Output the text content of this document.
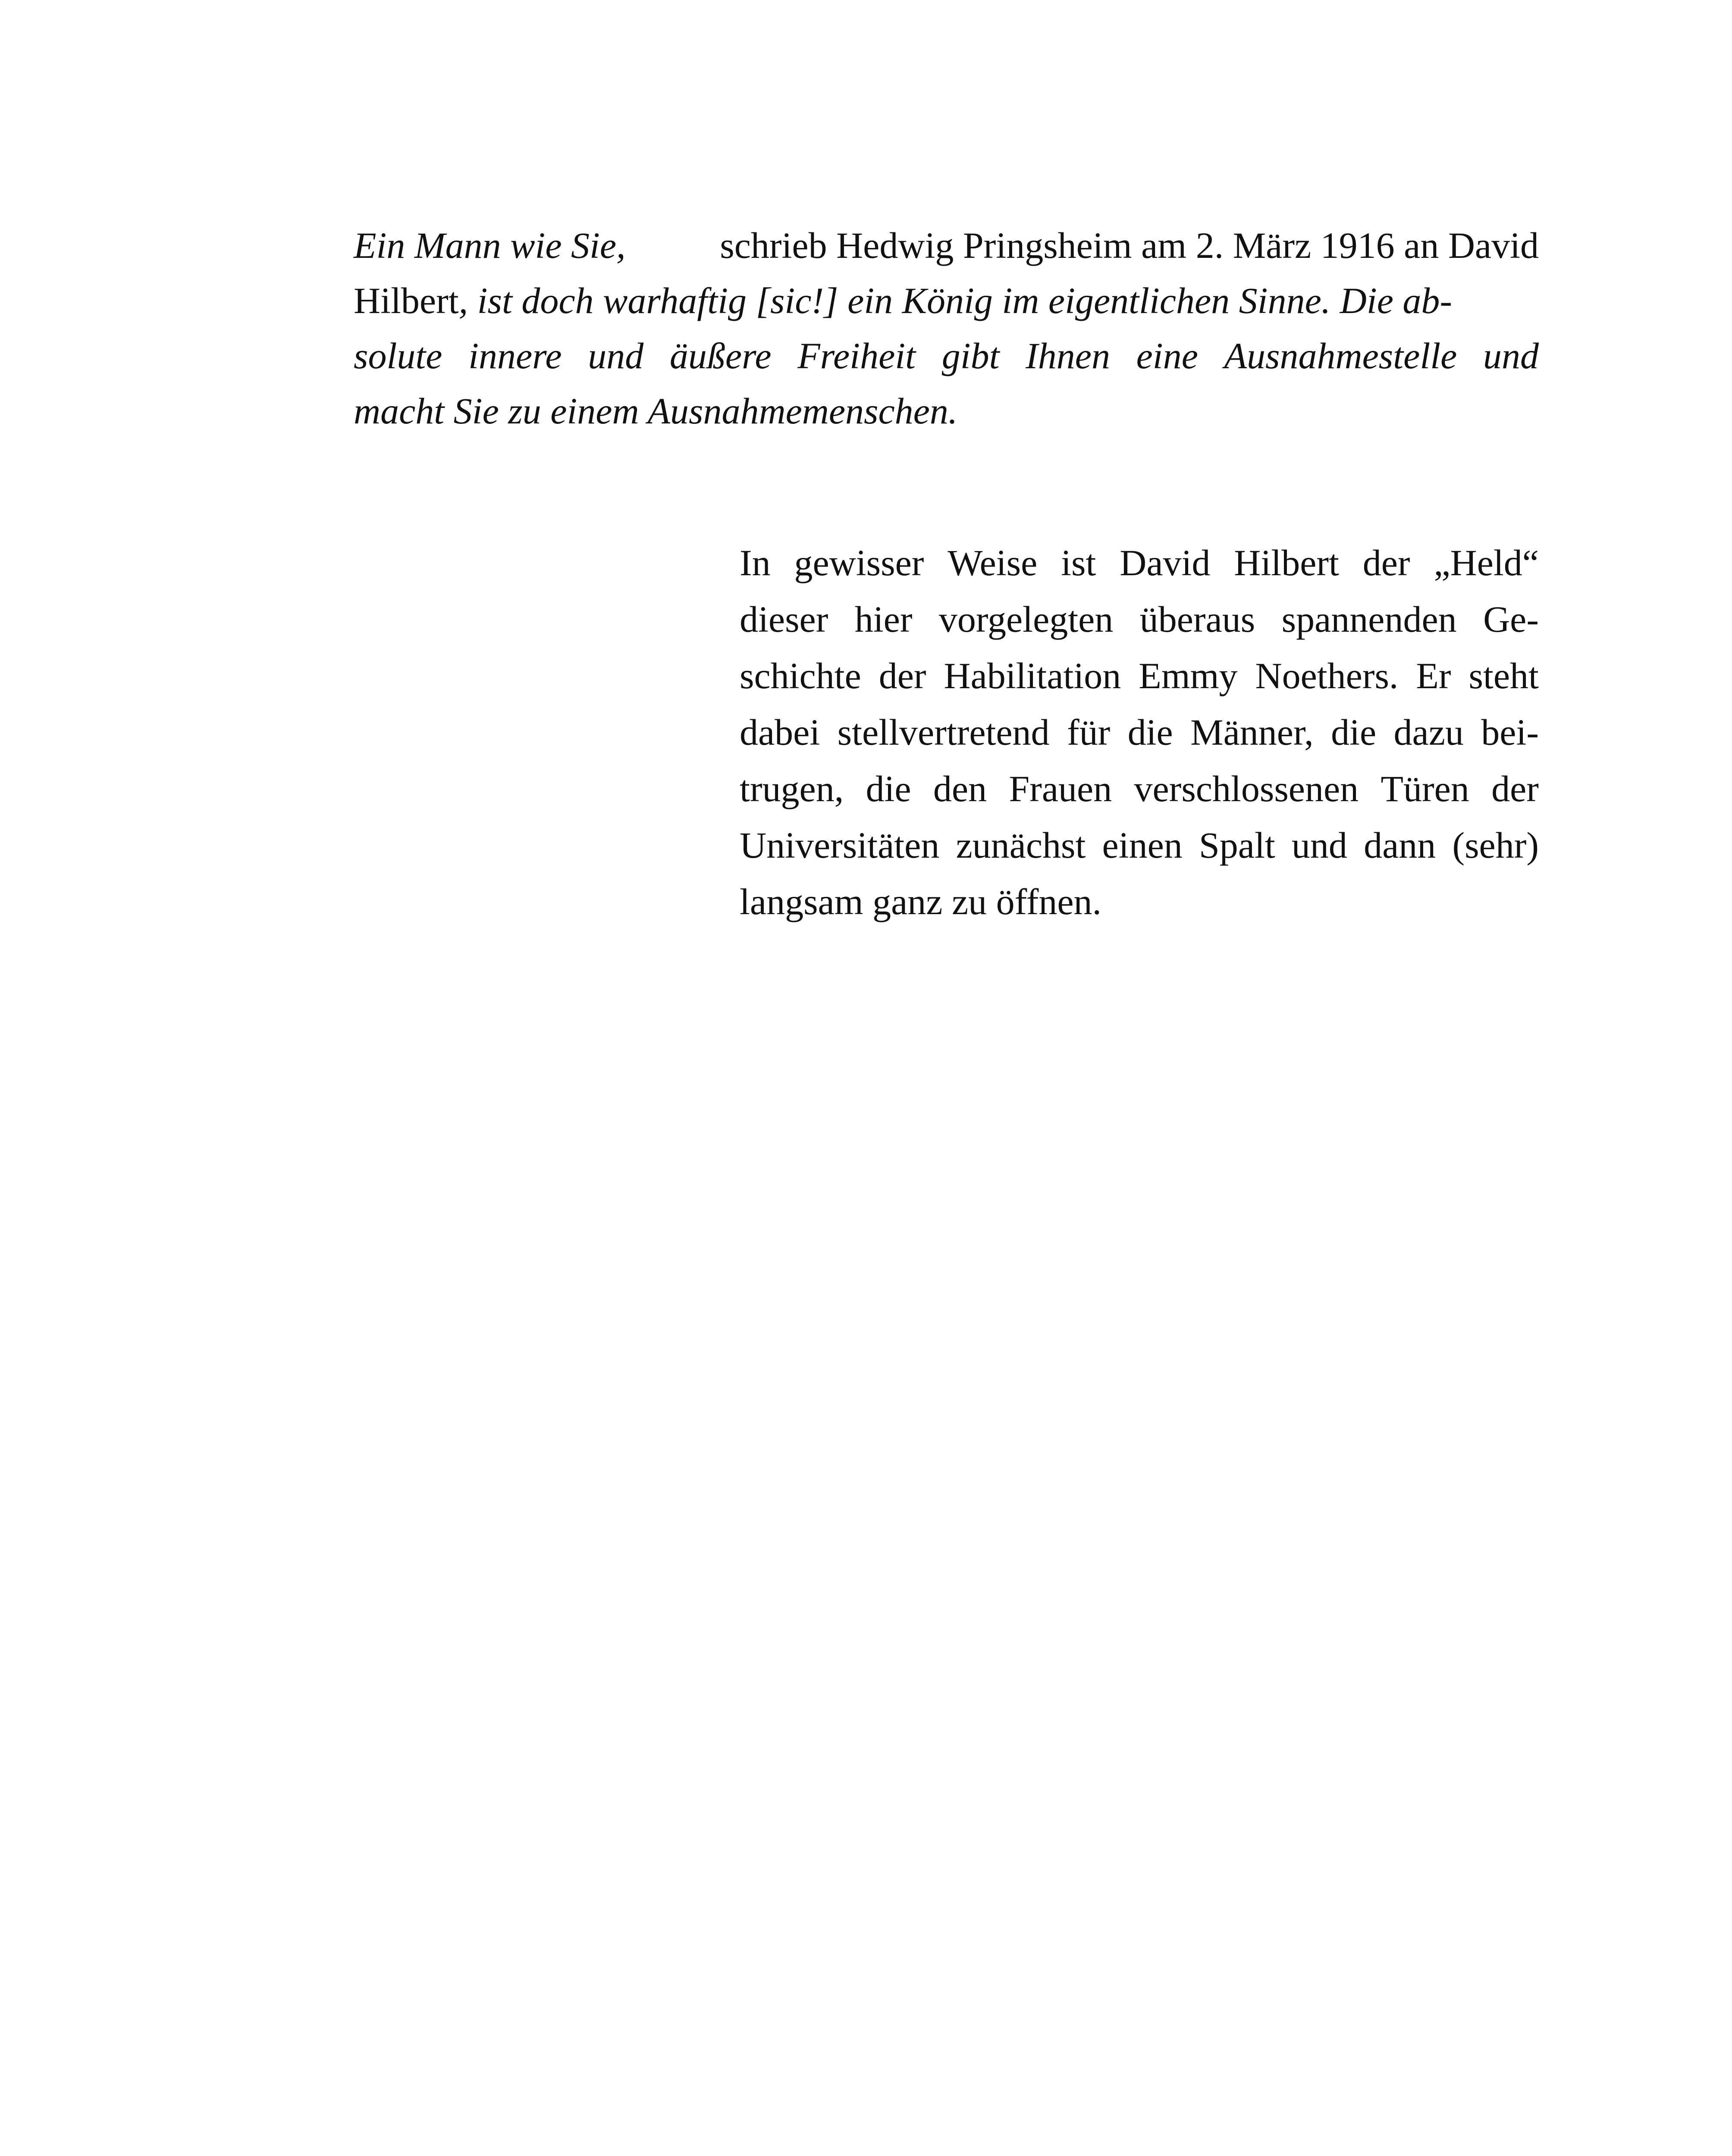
Ein Mann wie Sie, schrieb Hedwig Pringsheim am 2. März 1916 an David

Hilbert, ist doch warhaftig [sic!] ein König im eigentlichen Sinne. Die ab-

solute innere und äußere Freiheit gibt Ihnen eine Ausnahmestelle und

macht Sie zu einem Ausnahmemenschen.

In gewisser Weise ist David Hilbert der „Held“

dieser hier vorgelegten überaus spannenden Ge-

schichte der Habilitation Emmy Noethers. Er steht

dabei stellvertretend für die Männer, die dazu bei-

trugen, die den Frauen verschlossenen Türen der

Universitäten zunächst einen Spalt und dann (sehr)

langsam ganz zu öffnen.
